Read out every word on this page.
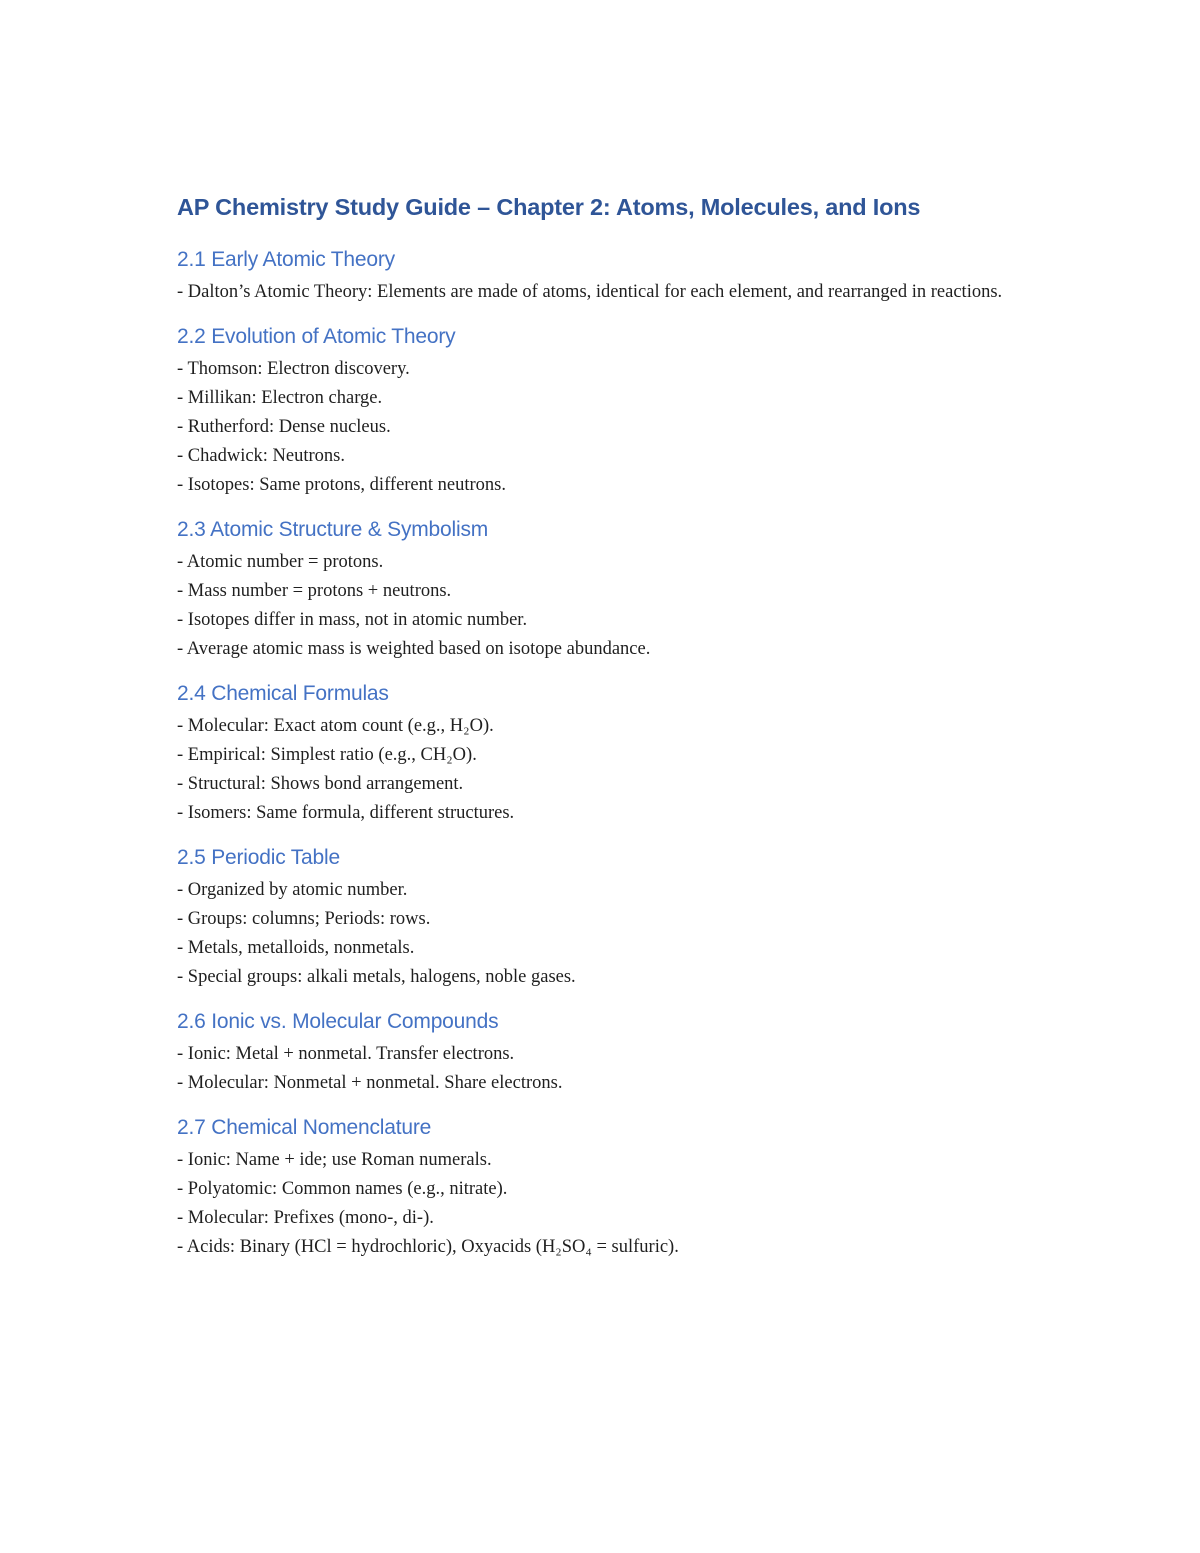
AP Chemistry Study Guide – Chapter 2: Atoms, Molecules, and Ions
2.1 Early Atomic Theory
- Dalton’s Atomic Theory: Elements are made of atoms, identical for each element, and rearranged in reactions.
2.2 Evolution of Atomic Theory
- Thomson: Electron discovery.
- Millikan: Electron charge.
- Rutherford: Dense nucleus.
- Chadwick: Neutrons.
- Isotopes: Same protons, different neutrons.
2.3 Atomic Structure & Symbolism
- Atomic number = protons.
- Mass number = protons + neutrons.
- Isotopes differ in mass, not in atomic number.
- Average atomic mass is weighted based on isotope abundance.
2.4 Chemical Formulas
- Molecular: Exact atom count (e.g., H₂O).
- Empirical: Simplest ratio (e.g., CH₂O).
- Structural: Shows bond arrangement.
- Isomers: Same formula, different structures.
2.5 Periodic Table
- Organized by atomic number.
- Groups: columns; Periods: rows.
- Metals, metalloids, nonmetals.
- Special groups: alkali metals, halogens, noble gases.
2.6 Ionic vs. Molecular Compounds
- Ionic: Metal + nonmetal. Transfer electrons.
- Molecular: Nonmetal + nonmetal. Share electrons.
2.7 Chemical Nomenclature
- Ionic: Name + ide; use Roman numerals.
- Polyatomic: Common names (e.g., nitrate).
- Molecular: Prefixes (mono-, di-).
- Acids: Binary (HCl = hydrochloric), Oxyacids (H₂SO₄ = sulfuric).
